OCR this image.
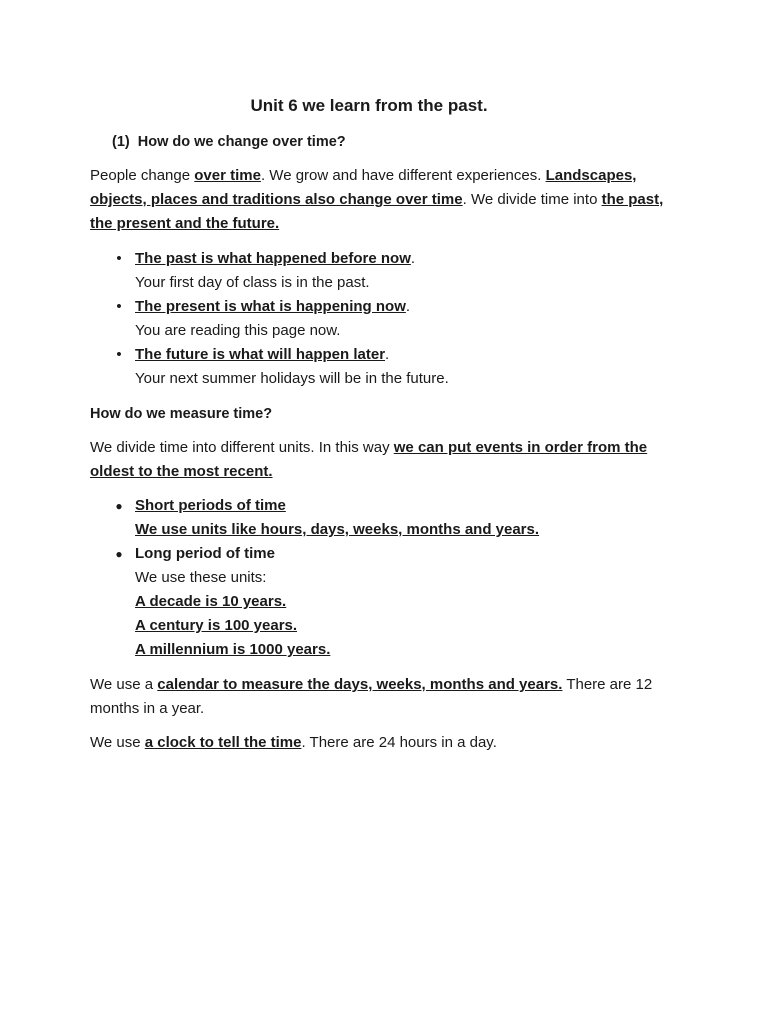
Unit 6 we learn from the past.
(1) How do we change over time?

People change over time. We grow and have different experiences. Landscapes, objects, places and traditions also change over time. We divide time into the past, the present and the future.

• The past is what happened before now.
Your first day of class is in the past.
• The present is what is happening now.
You are reading this page now.
• The future is what will happen later.
Your next summer holidays will be in the future.
How do we measure time?

We divide time into different units. In this way we can put events in order from the oldest to the most recent.

● Short periods of time
We use units like hours, days, weeks, months and years.
● Long period of time
We use these units:
A decade is 10 years.
A century is 100 years.
A millennium is 1000 years.

We use a calendar to measure the days, weeks, months and years. There are 12 months in a year.

We use a clock to tell the time. There are 24 hours in a day.
